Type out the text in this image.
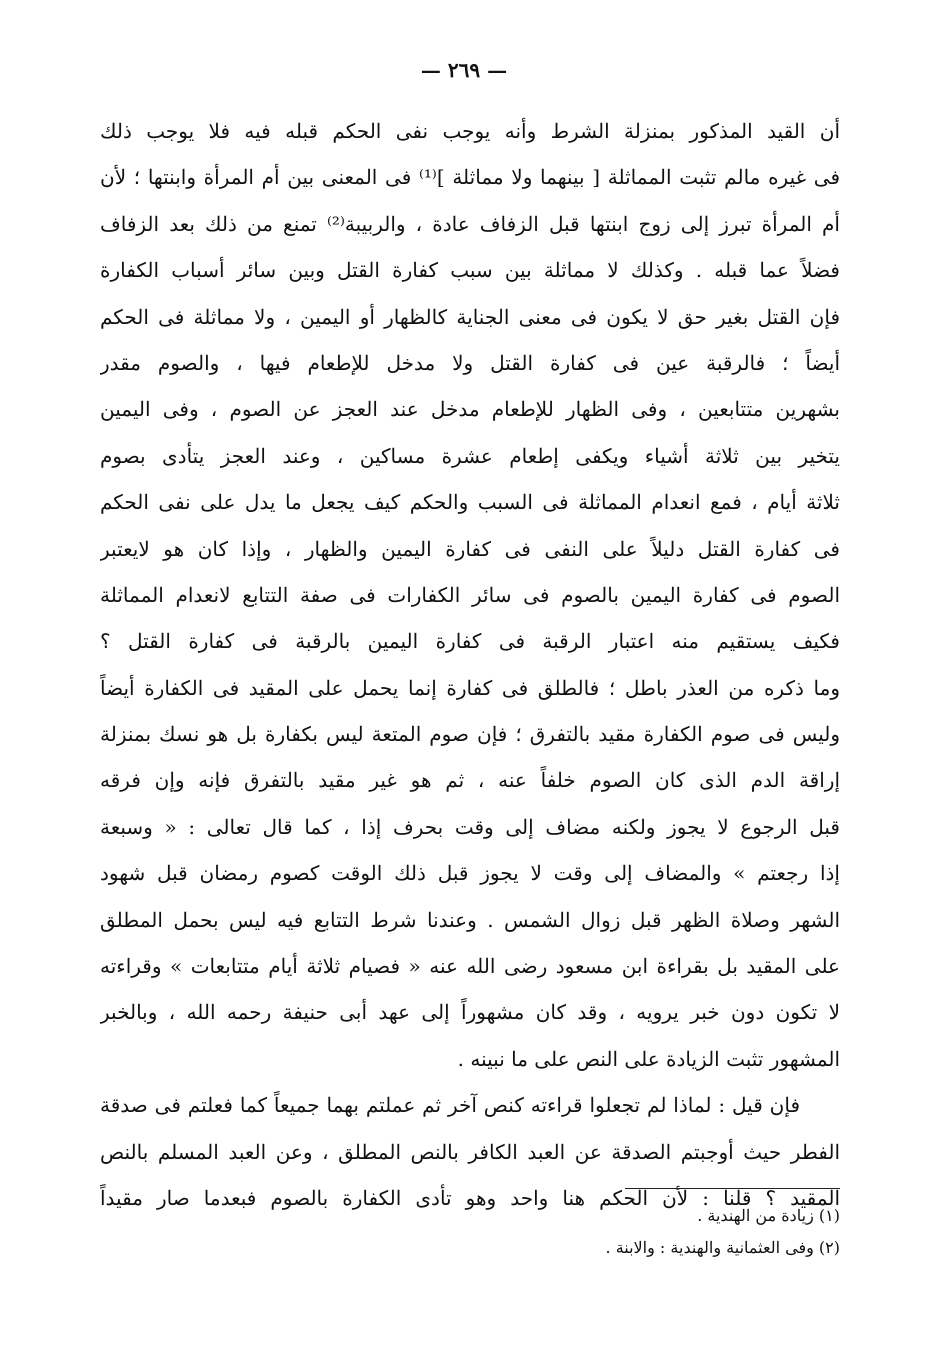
— ٢٦٩ —
أن القيد المذكور بمنزلة الشرط وأنه يوجب نفى الحكم قبله فيه فلا يوجب ذلك
فى غيره مالم تثبت المماثلة [ بينهما ولا مماثلة ]⁽¹⁾ فى المعنى بين أم المرأة وابنتها ؛ لأن
أم المرأة تبرز إلى زوج ابنتها قبل الزفاف عادة ، والربيبة⁽²⁾ تمنع من ذلك بعد الزفاف
فضلاً عما قبله . وكذلك لا مماثلة بين سبب كفارة القتل وبين سائر أسباب الكفارة
فإن القتل بغير حق لا يكون فى معنى الجناية كالظهار أو اليمين ، ولا مماثلة فى الحكم
أيضاً ؛ فالرقبة عين فى كفارة القتل ولا مدخل للإطعام فيها ، والصوم مقدر
بشهرين متتابعين ، وفى الظهار للإطعام مدخل عند العجز عن الصوم ، وفى اليمين
يتخير بين ثلاثة أشياء ويكفى إطعام عشرة مساكين ، وعند العجز يتأدى بصوم
ثلاثة أيام ، فمع انعدام المماثلة فى السبب والحكم كيف يجعل ما يدل على نفى الحكم
فى كفارة القتل دليلاً على النفى فى كفارة اليمين والظهار ، وإذا كان هو لايعتبر
الصوم فى كفارة اليمين بالصوم فى سائر الكفارات فى صفة التتابع لانعدام المماثلة
فكيف يستقيم منه اعتبار الرقبة فى كفارة اليمين بالرقبة فى كفارة القتل ؟
وما ذكره من العذر باطل ؛ فالطلق فى كفارة إنما يحمل على المقيد فى الكفارة أيضاً
وليس فى صوم الكفارة مقيد بالتفرق ؛ فإن صوم المتعة ليس بكفارة بل هو نسك بمنزلة
إراقة الدم الذى كان الصوم خلفاً عنه ، ثم هو غير مقيد بالتفرق فإنه وإن فرقه
قبل الرجوع لا يجوز ولكنه مضاف إلى وقت بحرف إذا ، كما قال تعالى : « وسبعة
إذا رجعتم » والمضاف إلى وقت لا يجوز قبل ذلك الوقت كصوم رمضان قبل شهود
الشهر وصلاة الظهر قبل زوال الشمس . وعندنا شرط التتابع فيه ليس بحمل المطلق
على المقيد بل بقراءة ابن مسعود رضى الله عنه « فصيام ثلاثة أيام متتابعات » وقراءته
لا تكون دون خبر يرويه ، وقد كان مشهوراً إلى عهد أبى حنيفة رحمه الله ، وبالخبر
المشهور تثبت الزيادة على النص على ما نبينه .
فإن قيل : لماذا لم تجعلوا قراءته كنص آخر ثم عملتم بهما جميعاً كما فعلتم فى صدقة
الفطر حيث أوجبتم الصدقة عن العبد الكافر بالنص المطلق ، وعن العبد المسلم بالنص
المقيد ؟ قلنا : لأن الحكم هنا واحد وهو تأدى الكفارة بالصوم فبعدما صار مقيداً
(١) زيادة من الهندية .
(٢) وفى العثمانية والهندية : والابنة .
